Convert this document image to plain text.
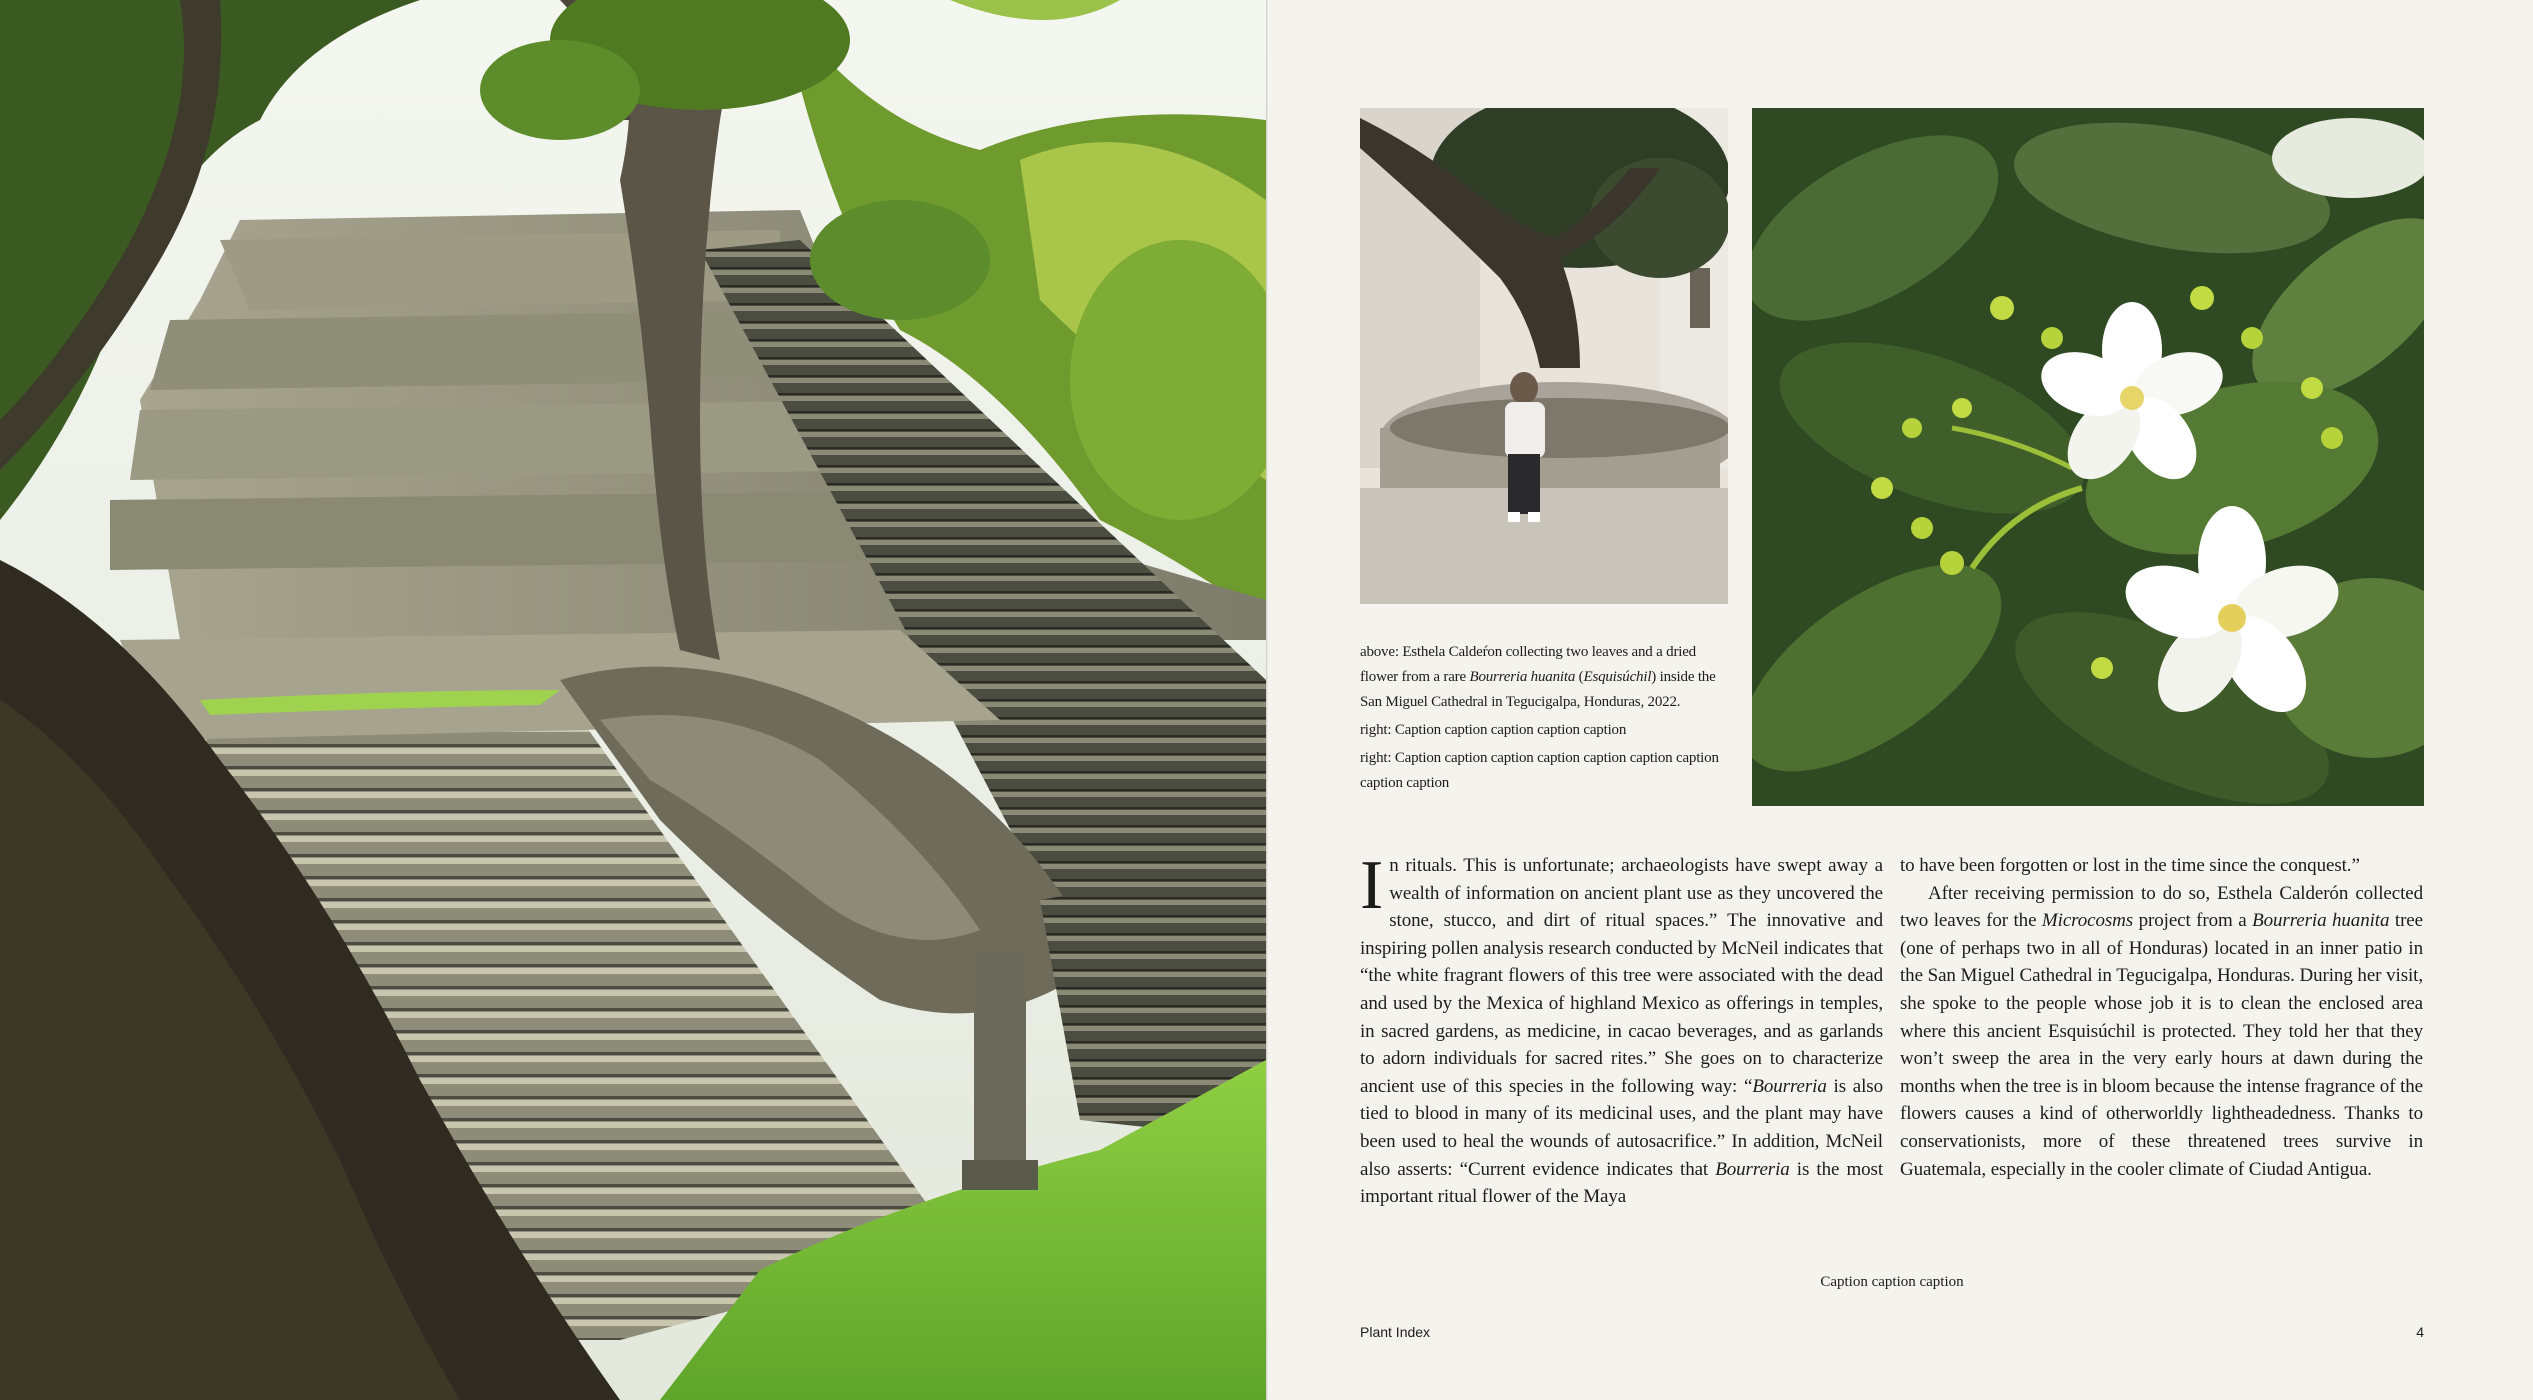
above: Esthela Caldeŕon collecting two leaves and a dried flower from a rare Bourreria huanita (Esquisúchil) inside the San Miguel Cathedral in Tegucigalpa, Honduras, 2022.

right: Caption caption caption caption caption

right: Caption caption caption caption caption caption caption caption caption

In rituals. This is unfortunate; archaeologists have swept away a wealth of information on ancient plant use as they uncovered the stone, stucco, and dirt of ritual spaces.” The innovative and inspiring pollen analysis research conducted by McNeil indicates that “the white fragrant flowers of this tree were associated with the dead and used by the Mexica of highland Mexico as offerings in temples, in sacred gardens, as medicine, in cacao beverages, and as garlands to adorn individuals for sacred rites.” She goes on to characterize ancient use of this species in the following way: “Bourreria is also tied to blood in many of its medicinal uses, and the plant may have been used to heal the wounds of autosacrifice.” In addition, McNeil also asserts: “Current evidence indicates that Bourreria is the most important ritual flower of the Maya

to have been forgotten or lost in the time since the conquest.”

After receiving permission to do so, Esthela Calderón collected two leaves for the Microcosms project from a Bourreria huanita tree (one of perhaps two in all of Honduras) located in an inner patio in the San Miguel Cathedral in Tegucigalpa, Honduras. During her visit, she spoke to the people whose job it is to clean the enclosed area where this ancient Esquisúchil is protected. They told her that they won’t sweep the area in the very early hours at dawn during the months when the tree is in bloom because the intense fragrance of the flowers causes a kind of otherworldly lightheadedness. Thanks to conservationists, more of these threatened trees survive in Guatemala, especially in the cooler climate of Ciudad Antigua.

Caption caption caption
Plant Index	4
